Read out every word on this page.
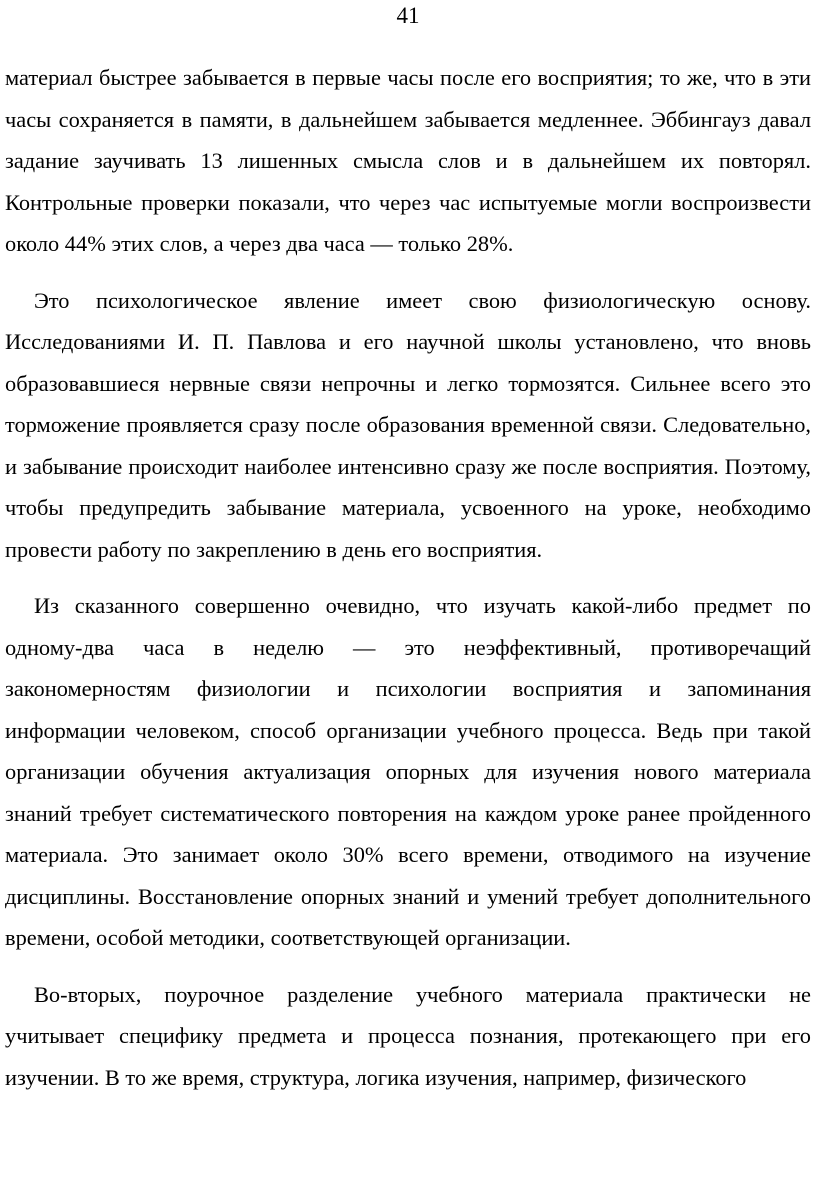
41

материал быстрее забывается в первые часы после его восприятия; то же, что в эти часы сохраняется в памяти, в дальнейшем забывается медленнее. Эббингауз давал задание заучивать 13 лишенных смысла слов и в дальнейшем их повторял. Контрольные проверки показали, что через час испытуемые могли воспроизвести около 44% этих слов, а через два часа — только 28%.

Это психологическое явление имеет свою физиологическую основу. Исследованиями И. П. Павлова и его научной школы установлено, что вновь образовавшиеся нервные связи непрочны и легко тормозятся. Сильнее всего это торможение проявляется сразу после образования временной связи. Следовательно, и забывание происходит наиболее интенсивно сразу же после восприятия. Поэтому, чтобы предупредить забывание материала, усвоенного на уроке, необходимо провести работу по закреплению в день его восприятия.

Из сказанного совершенно очевидно, что изучать какой-либо предмет по одному-два часа в неделю — это неэффективный, противоречащий закономерностям физиологии и психологии восприятия и запоминания информации человеком, способ организации учебного процесса. Ведь при такой организации обучения актуализация опорных для изучения нового материала знаний требует систематического повторения на каждом уроке ранее пройденного материала. Это занимает около 30% всего времени, отводимого на изучение дисциплины. Восстановление опорных знаний и умений требует дополнительного времени, особой методики, соответствующей организации.

Во-вторых, поурочное разделение учебного материала практически не учитывает специфику предмета и процесса познания, протекающего при его изучении. В то же время, структура, логика изучения, например, физического
